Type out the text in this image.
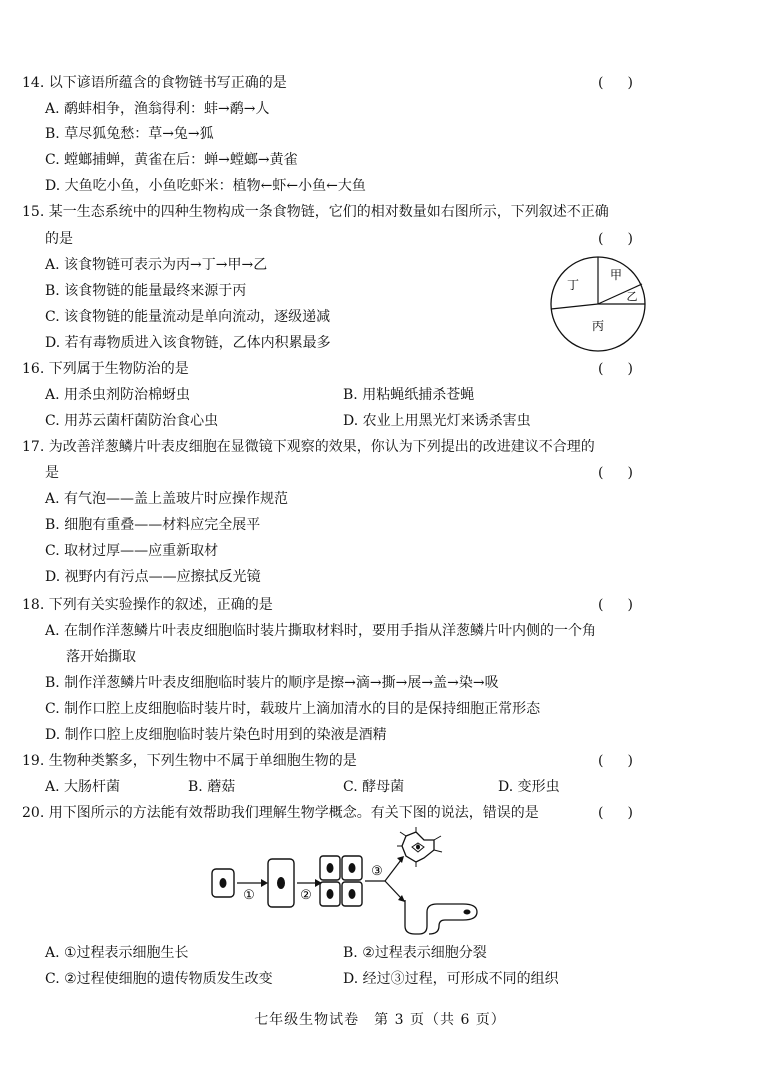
14. 以下谚语所蕴含的食物链书写正确的是	( )
A. 鹬蚌相争，渔翁得利：蚌→鹬→人
B. 草尽狐兔愁：草→兔→狐
C. 螳螂捕蝉，黄雀在后：蝉→螳螂→黄雀
D. 大鱼吃小鱼，小鱼吃虾米：植物←虾←小鱼←大鱼
15. 某一生态系统中的四种生物构成一条食物链，它们的相对数量如右图所示，下列叙述不正确
的是	( )
A. 该食物链可表示为丙→丁→甲→乙
B. 该食物链的能量最终来源于丙
C. 该食物链的能量流动是单向流动，逐级递减
D. 若有毒物质进入该食物链，乙体内积累最多
丁
甲
乙
丙
16. 下列属于生物防治的是	( )
A. 用杀虫剂防治棉蚜虫	B. 用粘蝇纸捕杀苍蝇
C. 用苏云菌杆菌防治食心虫	D. 农业上用黑光灯来诱杀害虫
17. 为改善洋葱鳞片叶表皮细胞在显微镜下观察的效果，你认为下列提出的改进建议不合理的
是	( )
A. 有气泡——盖上盖玻片时应操作规范
B. 细胞有重叠——材料应完全展平
C. 取材过厚——应重新取材
D. 视野内有污点——应擦拭反光镜
18. 下列有关实验操作的叙述，正确的是	( )
A. 在制作洋葱鳞片叶表皮细胞临时装片撕取材料时，要用手指从洋葱鳞片叶内侧的一个角
落开始撕取
B. 制作洋葱鳞片叶表皮细胞临时装片的顺序是擦→滴→撕→展→盖→染→吸
C. 制作口腔上皮细胞临时装片时，载玻片上滴加清水的目的是保持细胞正常形态
D. 制作口腔上皮细胞临时装片染色时用到的染液是酒精
19. 生物种类繁多，下列生物中不属于单细胞生物的是	( )
A. 大肠杆菌	B. 蘑菇	C. 酵母菌	D. 变形虫
20. 用下图所示的方法能有效帮助我们理解生物学概念。有关下图的说法，错误的是	( )
①	②
③
A. ①过程表示细胞生长	B. ②过程表示细胞分裂
C. ②过程使细胞的遗传物质发生改变	D. 经过③过程，可形成不同的组织
七年级生物试卷　第 3 页（共 6 页）
